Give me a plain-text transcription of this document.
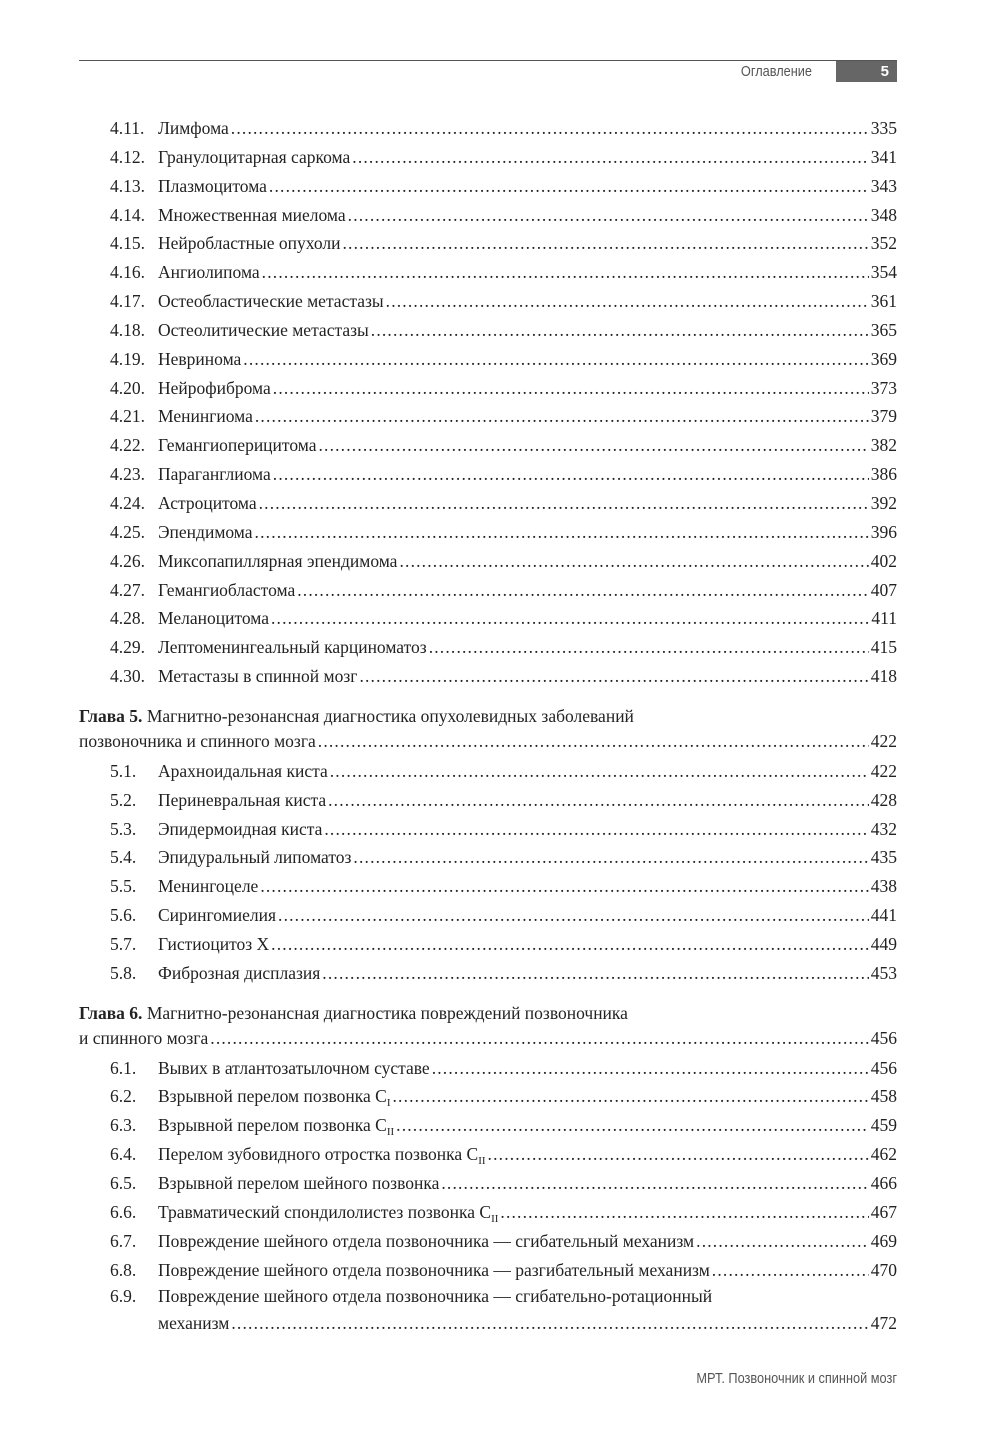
Оглавление	5
4.11. Лимфома . . .	335
4.12. Гранулоцитарная саркома . . .	341
4.13. Плазмоцитома . . .	343
4.14. Множественная миелома . . .	348
4.15. Нейробластные опухоли . . .	352
4.16. Ангиолипома . . .	354
4.17. Остеобластические метастазы . . .	361
4.18. Остеолитические метастазы . . .	365
4.19. Невринома . . .	369
4.20. Нейрофиброма . . .	373
4.21. Менингиома . . .	379
4.22. Гемангиоперицитома . . .	382
4.23. Параганглиома . . .	386
4.24. Астроцитома . . .	392
4.25. Эпендимома . . .	396
4.26. Миксопапиллярная эпендимома . . .	402
4.27. Гемангиобластома . . .	407
4.28. Меланоцитома . . .	411
4.29. Лептоменингеальный карциноматоз . . .	415
4.30. Метастазы в спинной мозг . . .	418
Глава 5. Магнитно-резонансная диагностика опухолевидных заболеваний
позвоночника и спинного мозга . . .	422
5.1.	Арахноидальная киста . . .	422
5.2.	Периневральная киста . . .	428
5.3.	Эпидермоидная киста . . .	432
5.4.	Эпидуральный липоматоз . . .	435
5.5.	Менингоцеле . . .	438
5.6.	Сирингомиелия . . .	441
5.7.	Гистиоцитоз X . . .	449
5.8.	Фиброзная дисплазия . . .	453
Глава 6. Магнитно-резонансная диагностика повреждений позвоночника
и спинного мозга . . .	456
6.1.	Вывих в атлантозатылочном суставе . . .	456
6.2.	Взрывной перелом позвонка $C_I$ . . .	458
6.3.	Взрывной перелом позвонка $C_{II}$ . . .	459
6.4.	Перелом зубовидного отростка позвонка $C_{II}$ . . .	462
6.5.	Взрывной перелом шейного позвонка . . .	466
6.6.	Травматический спондилолистез позвонка $C_{II}$ . . .	467
6.7.	Повреждение шейного отдела позвоночника — сгибательный механизм . . .	469
6.8.	Повреждение шейного отдела позвоночника — разгибательный механизм . . .	470
6.9.	Повреждение шейного отдела позвоночника — сгибательно-ротационный
механизм . . .	472
МРТ. Позвоночник и спинной мозг
